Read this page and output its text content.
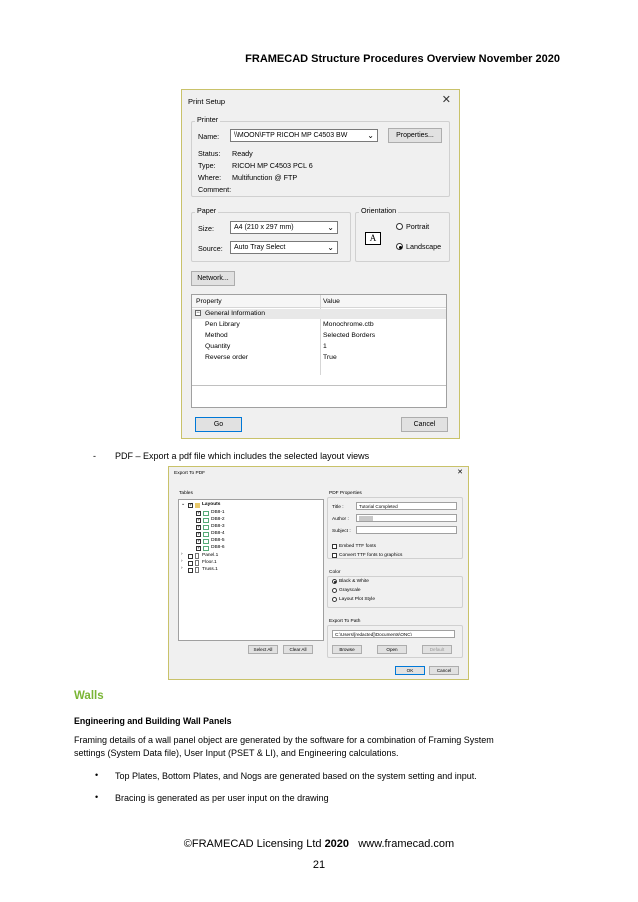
FRAMECAD Structure Procedures Overview November 2020
Print Setup	✕
Printer
Name:	\\MOON\FTP RICOH MP C4503 BW ⌄	Properties...
Status: Ready
Type: RICOH MP C4503 PCL 6
Where: Multifunction @ FTP
Comment:
Paper
Size:	A4 (210 x 297 mm)	⌄
Source:	Auto Tray Select	⌄
Orientation
A
Portrait
Landscape
Network...
Property	Value
− General Information
Pen Library	Monochrome.ctb
Method	Selected Borders
Quantity	1
Reverse order	True
Go	Cancel
- PDF – Export a pdf file which includes the selected layout views
Export To PDF	✕
Tables
⌄
✓	Layouts
✓
DB8-1
✓
DB8-2
✓
DB8-3
✓
DB8-4
✓
DB8-5
✓
DB8-6
›	Panel.1
›	Floor.1
›	Truss.1
Select All	Clear All
PDF Properties
Title :	Tutorial Completed
Author :
Subject :
Embed TTF fonts
Convert TTF fonts to graphics
Color
Black & White
Grayscale
Layout Plot Style
Export To Path
C:\Users\[redacted]\Documents\ONC\
Browse	Open	Default
OK	Cancel
Walls
Engineering and Building Wall Panels
Framing details of a wall panel object are generated by the software for a combination of Framing System
settings (System Data file), User Input (PSET & LI), and Engineering calculations.
• Top Plates, Bottom Plates, and Nogs are generated based on the system setting and input.
• Bracing is generated as per user input on the drawing
©FRAMECAD Licensing Ltd 2020 www.framecad.com
21
